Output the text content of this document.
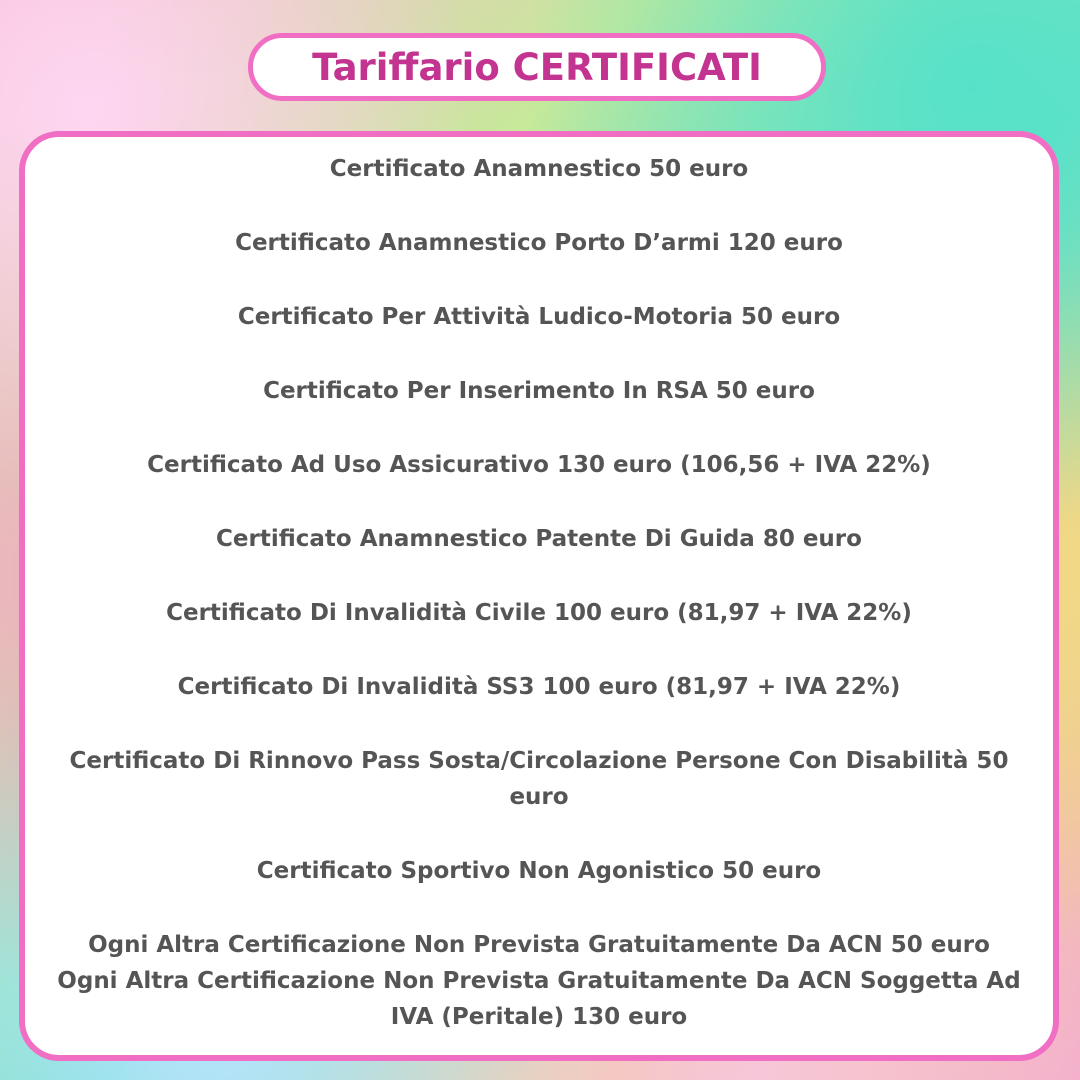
Tariffario CERTIFICATI
Certificato Anamnestico 50 euro
Certificato Anamnestico Porto D’armi 120 euro
Certificato Per Attività Ludico-Motoria 50 euro
Certificato Per Inserimento In RSA 50 euro
Certificato Ad Uso Assicurativo 130 euro (106,56 + IVA 22%)
Certificato Anamnestico Patente Di Guida 80 euro
Certificato Di Invalidità Civile 100 euro (81,97 + IVA 22%)
Certificato Di Invalidità SS3 100 euro (81,97 + IVA 22%)
Certificato Di Rinnovo Pass Sosta/Circolazione Persone Con Disabilità 50 euro
Certificato Sportivo Non Agonistico 50 euro
Ogni Altra Certificazione Non Prevista Gratuitamente Da ACN 50 euro
Ogni Altra Certificazione Non Prevista Gratuitamente Da ACN Soggetta Ad IVA (Peritale) 130 euro
